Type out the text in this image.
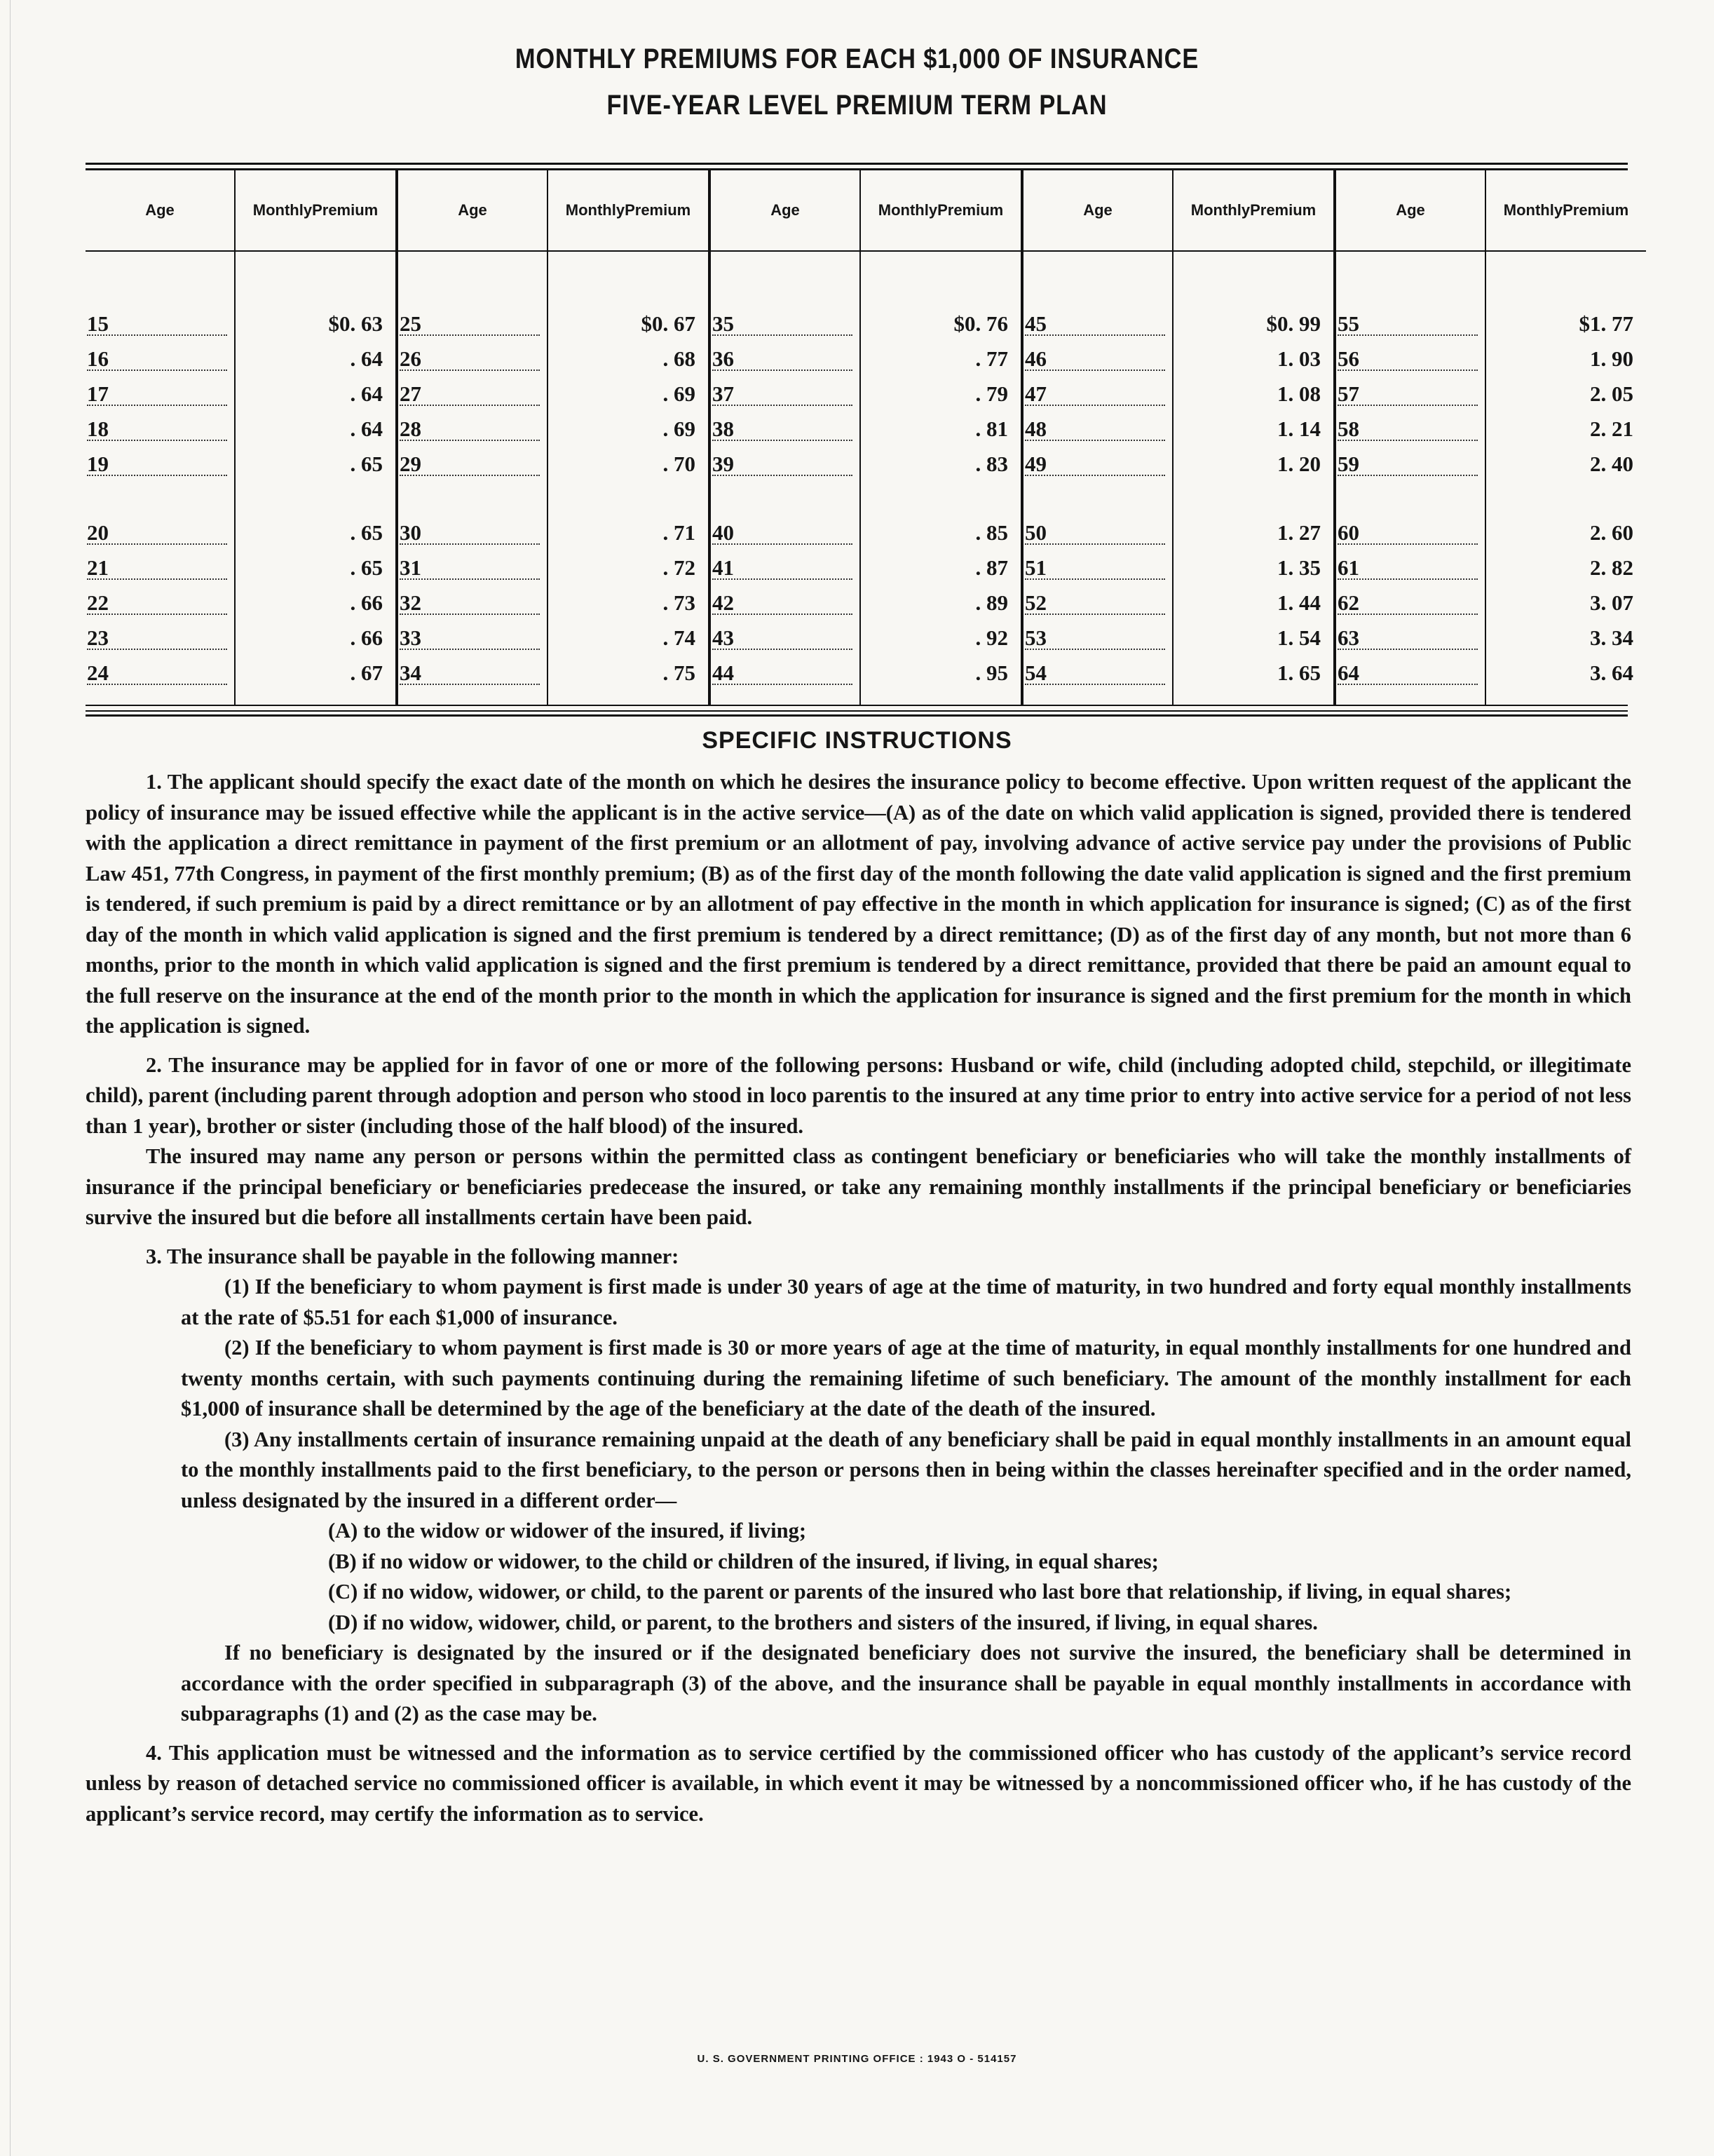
MONTHLY PREMIUMS FOR EACH $1,000 OF INSURANCE
FIVE-YEAR LEVEL PREMIUM TERM PLAN
Age
15
16
17
18
19
20
21
22
23
24
Monthly Premium
$0. 63
. 64
. 64
. 64
. 65
. 65
. 65
. 66
. 66
. 67
Age
25
26
27
28
29
30
31
32
33
34
Monthly Premium
$0. 67
. 68
. 69
. 69
. 70
. 71
. 72
. 73
. 74
. 75
Age
35
36
37
38
39
40
41
42
43
44
Monthly Premium
$0. 76
. 77
. 79
. 81
. 83
. 85
. 87
. 89
. 92
. 95
Age
45
46
47
48
49
50
51
52
53
54
Monthly Premium
$0. 99
1. 03
1. 08
1. 14
1. 20
1. 27
1. 35
1. 44
1. 54
1. 65
Age
55
56
57
58
59
60
61
62
63
64
Monthly Premium
$1. 77
1. 90
2. 05
2. 21
2. 40
2. 60
2. 82
3. 07
3. 34
3. 64
SPECIFIC INSTRUCTIONS

1. The applicant should specify the exact date of the month on which he desires the insurance policy to become effective. Upon written request of the applicant the policy of insurance may be issued effective while the applicant is in the active service—(A) as of the date on which valid application is signed, provided there is tendered with the application a direct remittance in payment of the first premium or an allotment of pay, involving advance of active service pay under the provisions of Public Law 451, 77th Congress, in payment of the first monthly premium; (B) as of the first day of the month following the date valid application is signed and the first premium is tendered, if such premium is paid by a direct remittance or by an allotment of pay effective in the month in which application for insurance is signed; (C) as of the first day of the month in which valid application is signed and the first premium is tendered by a direct remittance; (D) as of the first day of any month, but not more than 6 months, prior to the month in which valid application is signed and the first premium is tendered by a direct remittance, provided that there be paid an amount equal to the full reserve on the insurance at the end of the month prior to the month in which the application for insurance is signed and the first premium for the month in which the application is signed.

2. The insurance may be applied for in favor of one or more of the following persons: Husband or wife, child (including adopted child, stepchild, or illegitimate child), parent (including parent through adoption and person who stood in loco parentis to the insured at any time prior to entry into active service for a period of not less than 1 year), brother or sister (including those of the half blood) of the insured.

The insured may name any person or persons within the permitted class as contingent beneficiary or beneficiaries who will take the monthly installments of insurance if the principal beneficiary or beneficiaries predecease the insured, or take any remaining monthly installments if the principal beneficiary or beneficiaries survive the insured but die before all installments certain have been paid.

3. The insurance shall be payable in the following manner:

(1) If the beneficiary to whom payment is first made is under 30 years of age at the time of maturity, in two hundred and forty equal monthly installments at the rate of $5.51 for each $1,000 of insurance.

(2) If the beneficiary to whom payment is first made is 30 or more years of age at the time of maturity, in equal monthly installments for one hundred and twenty months certain, with such payments continuing during the remaining lifetime of such beneficiary. The amount of the monthly installment for each $1,000 of insurance shall be determined by the age of the beneficiary at the date of the death of the insured.

(3) Any installments certain of insurance remaining unpaid at the death of any beneficiary shall be paid in equal monthly installments in an amount equal to the monthly installments paid to the first beneficiary, to the person or persons then in being within the classes hereinafter specified and in the order named, unless designated by the insured in a different order—

(A) to the widow or widower of the insured, if living;

(B) if no widow or widower, to the child or children of the insured, if living, in equal shares;

(C) if no widow, widower, or child, to the parent or parents of the insured who last bore that relationship, if living, in equal shares;

(D) if no widow, widower, child, or parent, to the brothers and sisters of the insured, if living, in equal shares.

If no beneficiary is designated by the insured or if the designated beneficiary does not survive the insured, the beneficiary shall be determined in accordance with the order specified in subparagraph (3) of the above, and the insurance shall be payable in equal monthly installments in accordance with subparagraphs (1) and (2) as the case may be.

4. This application must be witnessed and the information as to service certified by the commissioned officer who has custody of the applicant’s service record unless by reason of detached service no commissioned officer is available, in which event it may be witnessed by a noncommissioned officer who, if he has custody of the applicant’s service record, may certify the information as to service.

U. S. GOVERNMENT PRINTING OFFICE : 1943 O - 514157
